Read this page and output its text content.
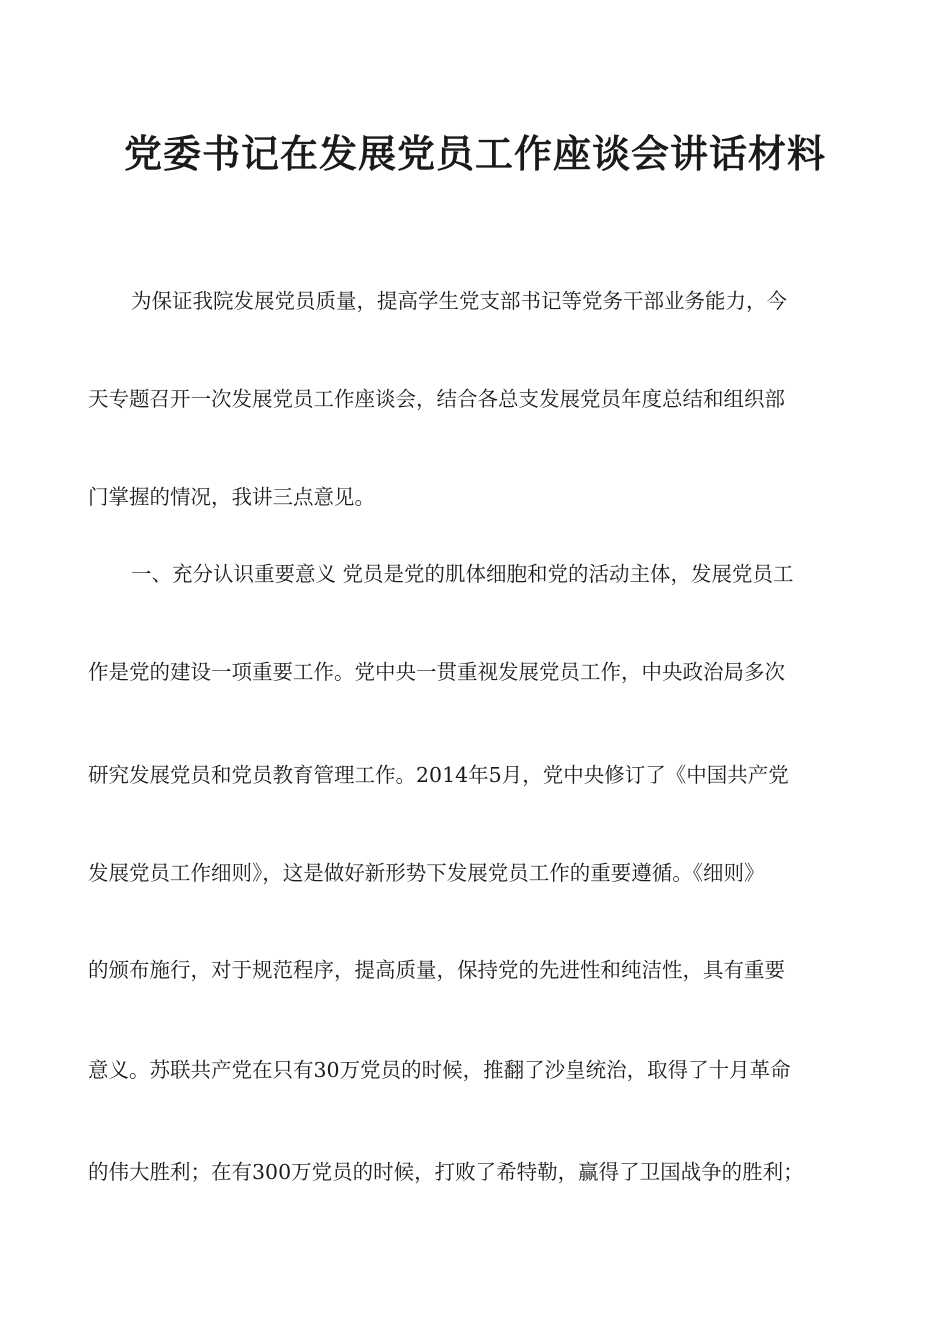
党委书记在发展党员工作座谈会讲话材料

为保证我院发展党员质量，提高学生党支部书记等党务干部业务能力，今

天专题召开一次发展党员工作座谈会，结合各总支发展党员年度总结和组织部

门掌握的情况，我讲三点意见。

一、充分认识重要意义 党员是党的肌体细胞和党的活动主体，发展党员工

作是党的建设一项重要工作。党中央一贯重视发展党员工作，中央政治局多次

研究发展党员和党员教育管理工作。2014年5月，党中央修订了《中国共产党

发展党员工作细则》，这是做好新形势下发展党员工作的重要遵循。《细则》

的颁布施行，对于规范程序，提高质量，保持党的先进性和纯洁性，具有重要

意义。苏联共产党在只有30万党员的时候，推翻了沙皇统治，取得了十月革命

的伟大胜利；在有300万党员的时候，打败了希特勒，赢得了卫国战争的胜利；
